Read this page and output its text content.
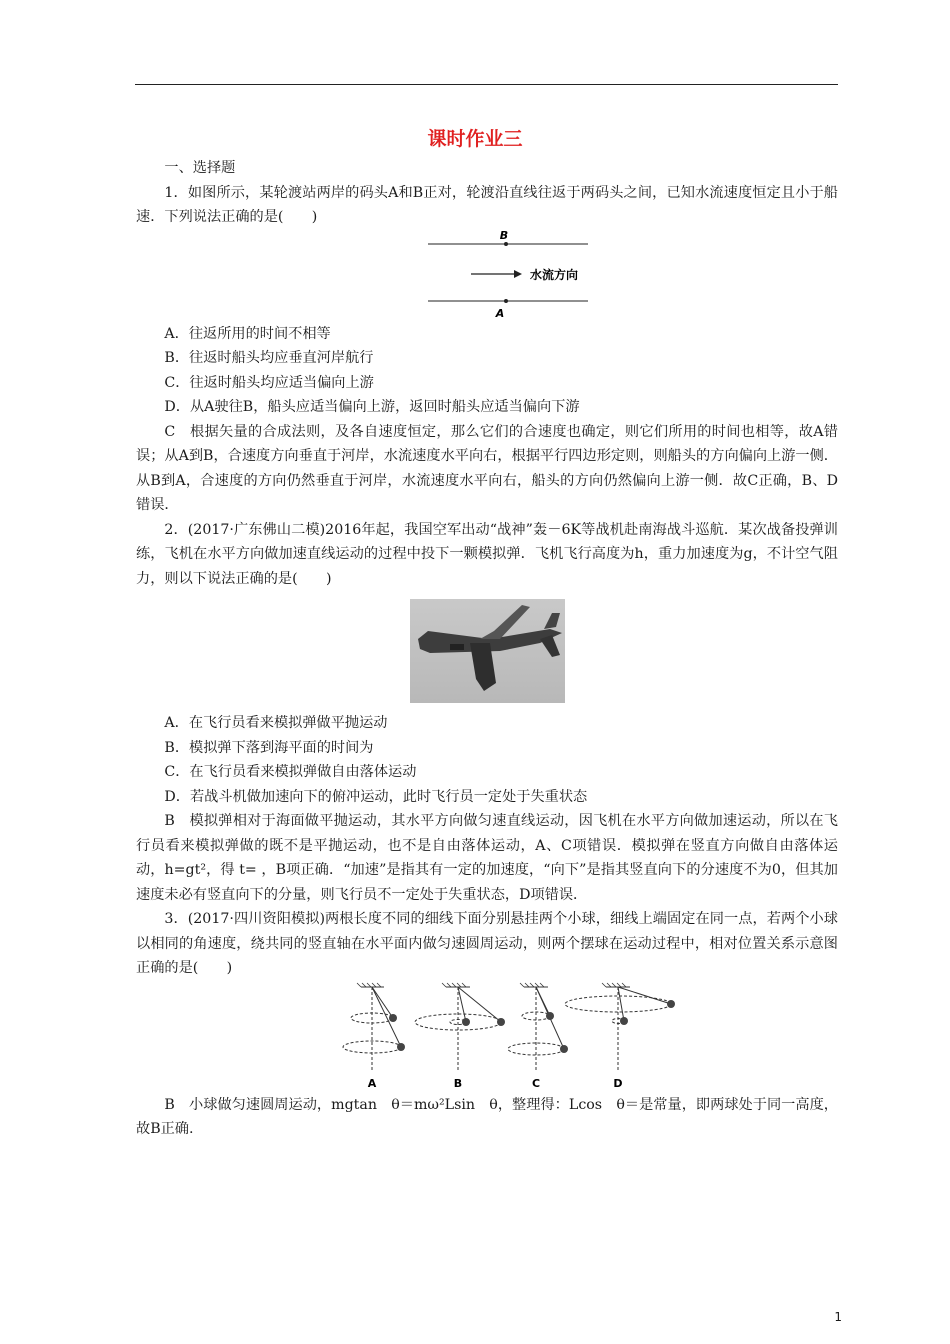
课时作业三

一、选择题

1．如图所示，某轮渡站两岸的码头A和B正对，轮渡沿直线往返于两码头之间，已知水流速度恒定且小于船速．下列说法正确的是(　　)

B
水流方向
A

A．往返所用的时间不相等

B．往返时船头均应垂直河岸航行

C．往返时船头均应适当偏向上游

D．从A驶往B，船头应适当偏向上游，返回时船头应适当偏向下游

C　根据矢量的合成法则，及各自速度恒定，那么它们的合速度也确定，则它们所用的时间也相等，故A错误；从A到B，合速度方向垂直于河岸，水流速度水平向右，根据平行四边形定则，则船头的方向偏向上游一侧．从B到A，合速度的方向仍然垂直于河岸，水流速度水平向右，船头的方向仍然偏向上游一侧．故C正确，B、D错误．

2．(2017·广东佛山二模)2016年起，我国空军出动“战神”轰－6K等战机赴南海战斗巡航．某次战备投弹训练，飞机在水平方向做加速直线运动的过程中投下一颗模拟弹．飞机飞行高度为h，重力加速度为g，不计空气阻力，则以下说法正确的是(　　)

A．在飞行员看来模拟弹做平抛运动

B．模拟弹下落到海平面的时间为

C．在飞行员看来模拟弹做自由落体运动

D．若战斗机做加速向下的俯冲运动，此时飞行员一定处于失重状态

B　模拟弹相对于海面做平抛运动，其水平方向做匀速直线运动，因飞机在水平方向做加速运动，所以在飞行员看来模拟弹做的既不是平抛运动，也不是自由落体运动，A、C项错误．模拟弹在竖直方向做自由落体运动，h=gt²，得 t= ，B项正确．“加速”是指其有一定的加速度，“向下”是指其竖直向下的分速度不为0，但其加速度未必有竖直向下的分量，则飞行员不一定处于失重状态，D项错误．

3．(2017·四川资阳模拟)两根长度不同的细线下面分别悬挂两个小球，细线上端固定在同一点，若两个小球以相同的角速度，绕共同的竖直轴在水平面内做匀速圆周运动，则两个摆球在运动过程中，相对位置关系示意图正确的是(　　)

A	B	C	D

B　小球做匀速圆周运动，mgtan　θ＝mω²Lsin　θ，整理得：Lcos　θ＝是常量，即两球处于同一高度，故B正确.

1
